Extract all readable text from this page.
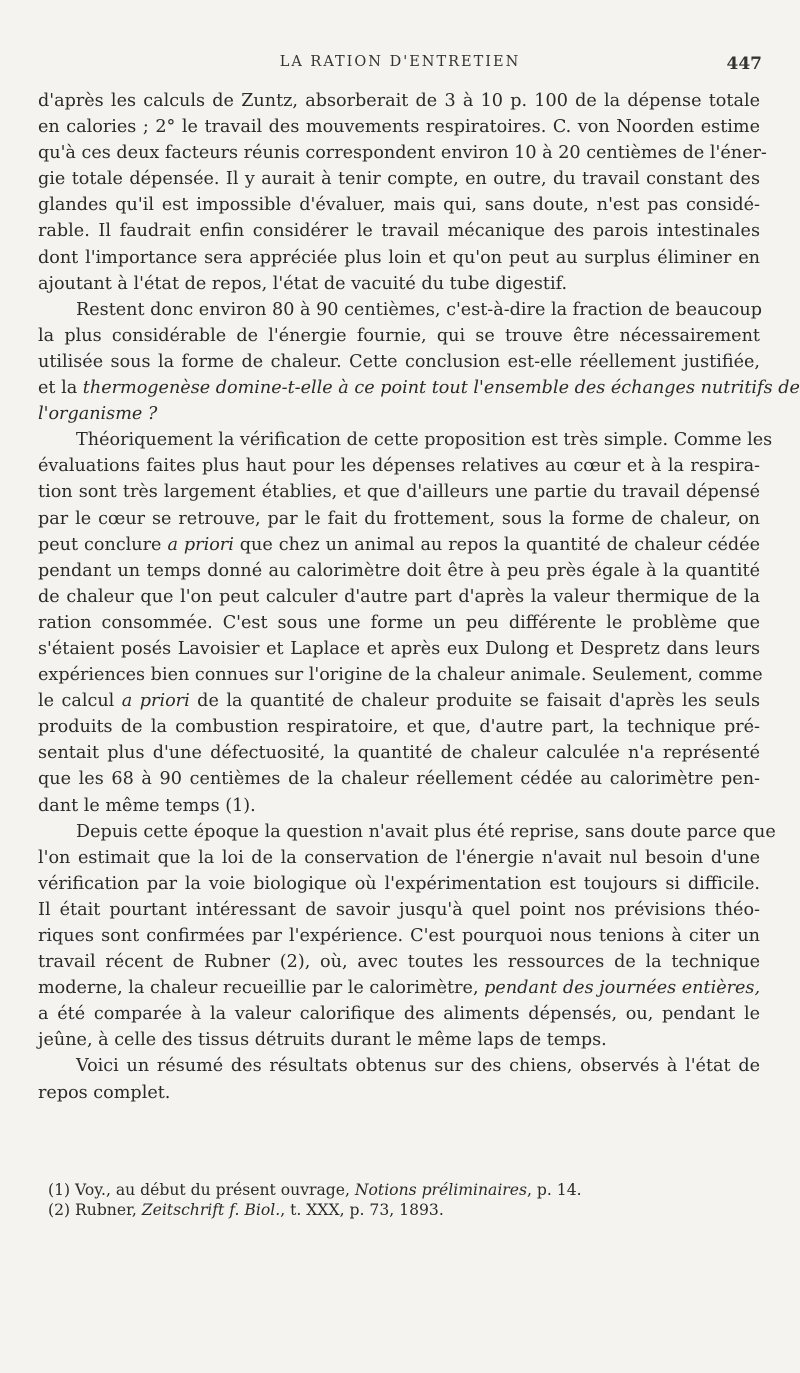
LA RATION D'ENTRETIEN	447
d'après les calculs de Zuntz, absorberait de 3 à 10 p. 100 de la dépense totale
en calories ; 2° le travail des mouvements respiratoires. C. von Noorden estime
qu'à ces deux facteurs réunis correspondent environ 10 à 20 centièmes de l'éner-
gie totale dépensée. Il y aurait à tenir compte, en outre, du travail constant des
glandes qu'il est impossible d'évaluer, mais qui, sans doute, n'est pas considé-
rable. Il faudrait enfin considérer le travail mécanique des parois intestinales
dont l'importance sera appréciée plus loin et qu'on peut au surplus éliminer en
ajoutant à l'état de repos, l'état de vacuité du tube digestif.
Restent donc environ 80 à 90 centièmes, c'est-à-dire la fraction de beaucoup
la plus considérable de l'énergie fournie, qui se trouve être nécessairement
utilisée sous la forme de chaleur. Cette conclusion est-elle réellement justifiée,
et la thermogenèse domine-t-elle à ce point tout l'ensemble des échanges nutritifs de
l'organisme ?
Théoriquement la vérification de cette proposition est très simple. Comme les
évaluations faites plus haut pour les dépenses relatives au cœur et à la respira-
tion sont très largement établies, et que d'ailleurs une partie du travail dépensé
par le cœur se retrouve, par le fait du frottement, sous la forme de chaleur, on
peut conclure a priori que chez un animal au repos la quantité de chaleur cédée
pendant un temps donné au calorimètre doit être à peu près égale à la quantité
de chaleur que l'on peut calculer d'autre part d'après la valeur thermique de la
ration consommée. C'est sous une forme un peu différente le problème que
s'étaient posés Lavoisier et Laplace et après eux Dulong et Despretz dans leurs
expériences bien connues sur l'origine de la chaleur animale. Seulement, comme
le calcul a priori de la quantité de chaleur produite se faisait d'après les seuls
produits de la combustion respiratoire, et que, d'autre part, la technique pré-
sentait plus d'une défectuosité, la quantité de chaleur calculée n'a représenté
que les 68 à 90 centièmes de la chaleur réellement cédée au calorimètre pen-
dant le même temps (1).
Depuis cette époque la question n'avait plus été reprise, sans doute parce que
l'on estimait que la loi de la conservation de l'énergie n'avait nul besoin d'une
vérification par la voie biologique où l'expérimentation est toujours si difficile.
Il était pourtant intéressant de savoir jusqu'à quel point nos prévisions théo-
riques sont confirmées par l'expérience. C'est pourquoi nous tenions à citer un
travail récent de Rubner (2), où, avec toutes les ressources de la technique
moderne, la chaleur recueillie par le calorimètre, pendant des journées entières,
a été comparée à la valeur calorifique des aliments dépensés, ou, pendant le
jeûne, à celle des tissus détruits durant le même laps de temps.
Voici un résumé des résultats obtenus sur des chiens, observés à l'état de
repos complet.
(1) Voy., au début du présent ouvrage, Notions préliminaires, p. 14.
(2) Rubner, Zeitschrift f. Biol., t. XXX, p. 73, 1893.
